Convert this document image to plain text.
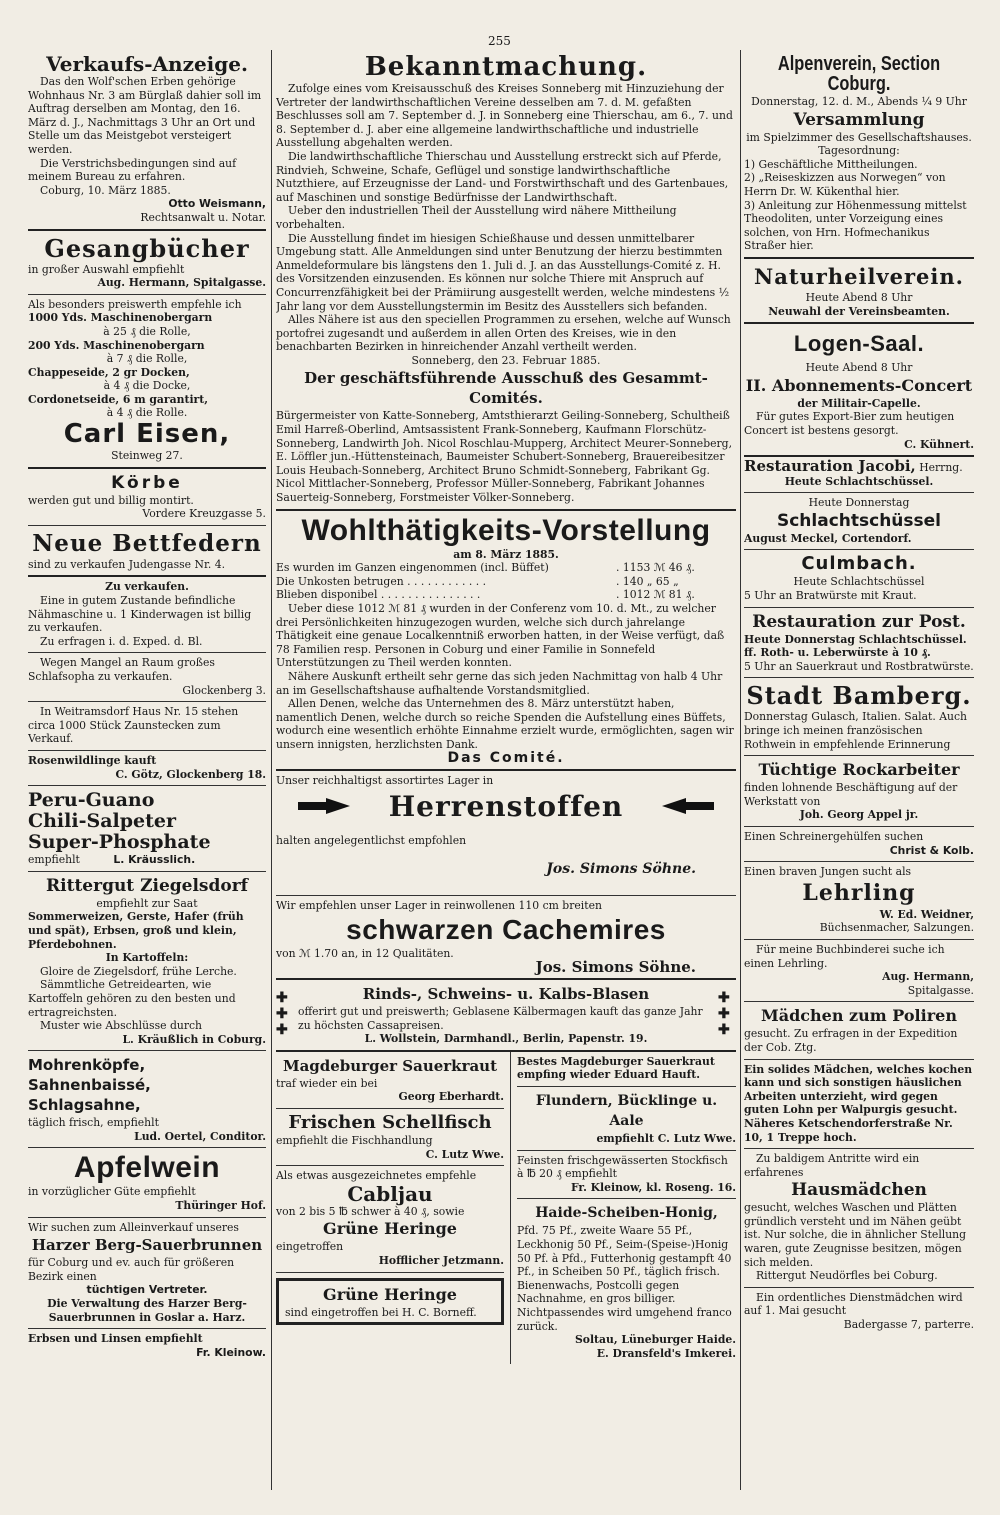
255
Verkaufs-Anzeige.

Das den Wolf'schen Erben gehörige Wohnhaus Nr. 3 am Bürglaß dahier soll im Auftrag derselben am Montag, den 16. März d. J., Nachmittags 3 Uhr an Ort und Stelle um das Meistgebot versteigert werden.

Die Verstrichsbedingungen sind auf meinem Bureau zu erfahren.

Coburg, 10. März 1885.

Otto Weismann,

Rechtsanwalt u. Notar.

Gesangbücher

in großer Auswahl empfiehlt

Aug. Hermann, Spitalgasse.

Als besonders preiswerth empfehle ich

1000 Yds. Maschinenobergarn

à 25 ₰ die Rolle,

200 Yds. Maschinenobergarn

à 7 ₰ die Rolle,

Chappeseide, 2 gr Docken,

à 4 ₰ die Docke,

Cordonetseide, 6 m garantirt,

à 4 ₰ die Rolle.

Carl Eisen,

Steinweg 27.

Körbe

werden gut und billig montirt.

Vordere Kreuzgasse 5.

Neue Bettfedern

sind zu verkaufen Judengasse Nr. 4.

Zu verkaufen.

Eine in gutem Zustande befindliche Nähmaschine u. 1 Kinderwagen ist billig zu verkaufen.

Zu erfragen i. d. Exped. d. Bl.

Wegen Mangel an Raum großes Schlafsopha zu verkaufen.

Glockenberg 3.

In Weitramsdorf Haus Nr. 15 stehen circa 1000 Stück Zaunstecken zum Verkauf.

Rosenwildlinge kauft

C. Götz, Glockenberg 18.

Peru-Guano
Chili-Salpeter
Super-Phosphate

empfiehlt	L. Kräusslich.

Rittergut Ziegelsdorf

empfiehlt zur Saat

Sommerweizen, Gerste, Hafer (früh und spät), Erbsen, groß und klein, Pferdebohnen.

In Kartoffeln:

Gloire de Ziegelsdorf, frühe Lerche.

Sämmtliche Getreidearten, wie Kartoffeln gehören zu den besten und ertragreichsten.

Muster wie Abschlüsse durch

L. Kräußlich in Coburg.

Mohrenköpfe, Sahnenbaissé, Schlagsahne,

täglich frisch, empfiehlt

Lud. Oertel, Conditor.

Apfelwein

in vorzüglicher Güte empfiehlt

Thüringer Hof.

Wir suchen zum Alleinverkauf unseres

Harzer Berg-Sauerbrunnen

für Coburg und ev. auch für größeren Bezirk einen

tüchtigen Vertreter.

Die Verwaltung des Harzer Berg-Sauerbrunnen in Goslar a. Harz.

Erbsen und Linsen empfiehlt

Fr. Kleinow.

Bekanntmachung.

Zufolge eines vom Kreisausschuß des Kreises Sonneberg mit Hinzuziehung der Vertreter der landwirthschaftlichen Vereine desselben am 7. d. M. gefaßten Beschlusses soll am 7. September d. J. in Sonneberg eine Thierschau, am 6., 7. und 8. September d. J. aber eine allgemeine landwirthschaftliche und industrielle Ausstellung abgehalten werden.

Die landwirthschaftliche Thierschau und Ausstellung erstreckt sich auf Pferde, Rindvieh, Schweine, Schafe, Geflügel und sonstige landwirthschaftliche Nutzthiere, auf Erzeugnisse der Land- und Forstwirthschaft und des Gartenbaues, auf Maschinen und sonstige Bedürfnisse der Landwirthschaft.

Ueber den industriellen Theil der Ausstellung wird nähere Mittheilung vorbehalten.

Die Ausstellung findet im hiesigen Schießhause und dessen unmittelbarer Umgebung statt. Alle Anmeldungen sind unter Benutzung der hierzu bestimmten Anmeldeformulare bis längstens den 1. Juli d. J. an das Ausstellungs-Comité z. H. des Vorsitzenden einzusenden. Es können nur solche Thiere mit Anspruch auf Concurrenzfähigkeit bei der Prämiirung ausgestellt werden, welche mindestens ½ Jahr lang vor dem Ausstellungstermin im Besitz des Ausstellers sich befanden.

Alles Nähere ist aus den speciellen Programmen zu ersehen, welche auf Wunsch portofrei zugesandt und außerdem in allen Orten des Kreises, wie in den benachbarten Bezirken in hinreichender Anzahl vertheilt werden.

Sonneberg, den 23. Februar 1885.

Der geschäftsführende Ausschuß des Gesammt-Comités.

Bürgermeister von Katte-Sonneberg, Amtsthierarzt Geiling-Sonneberg, Schultheiß Emil Harreß-Oberlind, Amtsassistent Frank-Sonneberg, Kaufmann Florschütz-Sonneberg, Landwirth Joh. Nicol Roschlau-Mupperg, Architect Meurer-Sonneberg, E. Löffler jun.-Hüttensteinach, Baumeister Schubert-Sonneberg, Brauereibesitzer Louis Heubach-Sonneberg, Architect Bruno Schmidt-Sonneberg, Fabrikant Gg. Nicol Mittlacher-Sonneberg, Professor Müller-Sonneberg, Fabrikant Johannes Sauerteig-Sonneberg, Forstmeister Völker-Sonneberg.

Wohlthätigkeits-Vorstellung

am 8. März 1885.

Es wurden im Ganzen eingenommen (incl. Büffet)	. 1153 ℳ 46 ₰.
Die Unkosten betrugen . . . . . . . . . . . .	. 140 „ 65 „
Blieben disponibel . . . . . . . . . . . . . . .	. 1012 ℳ 81 ₰.

Ueber diese 1012 ℳ 81 ₰ wurden in der Conferenz vom 10. d. Mt., zu welcher drei Persönlichkeiten hinzugezogen wurden, welche sich durch jahrelange Thätigkeit eine genaue Localkenntniß erworben hatten, in der Weise verfügt, daß 78 Familien resp. Personen in Coburg und einer Familie in Sonnefeld Unterstützungen zu Theil werden konnten.

Nähere Auskunft ertheilt sehr gerne das sich jeden Nachmittag von halb 4 Uhr an im Gesellschaftshause aufhaltende Vorstandsmitglied.

Allen Denen, welche das Unternehmen des 8. März unterstützt haben, namentlich Denen, welche durch so reiche Spenden die Aufstellung eines Büffets, wodurch eine wesentlich erhöhte Einnahme erzielt wurde, ermöglichten, sagen wir unsern innigsten, herzlichsten Dank.

Das Comité.

Unser reichhaltigst assortirtes Lager in

Herrenstoffen

halten angelegentlichst empfohlen

Jos. Simons Söhne.

Wir empfehlen unser Lager in reinwollenen 110 cm breiten

schwarzen Cachemires

von ℳ 1.70 an, in 12 Qualitäten.

Jos. Simons Söhne.

✚
✚
✚
Rinds-, Schweins- u. Kalbs-Blasen

offerirt gut und preiswerth; Geblasene Kälbermagen kauft das ganze Jahr zu höchsten Cassapreisen.

L. Wollstein, Darmhandl., Berlin, Papenstr. 19.

✚
✚
✚
Magdeburger Sauerkraut

traf wieder ein bei

Georg Eberhardt.

Frischen Schellfisch

empfiehlt die Fischhandlung

C. Lutz Wwe.

Als etwas ausgezeichnetes empfehle

Cabljau

von 2 bis 5 ℔ schwer à 40 ₰, sowie

Grüne Heringe

eingetroffen

Hofflicher Jetzmann.

Grüne Heringe

sind eingetroffen bei H. C. Borneff.

Bestes Magdeburger Sauerkraut empfing wieder Eduard Hauft.

Flundern, Bücklinge u. Aale

empfiehlt C. Lutz Wwe.

Feinsten frischgewässerten Stockfisch

à ℔ 20 ₰ empfiehlt

Fr. Kleinow, kl. Roseng. 16.

Haide-Scheiben-Honig,

Pfd. 75 Pf., zweite Waare 55 Pf., Leckhonig 50 Pf., Seim-(Speise-)Honig 50 Pf. à Pfd., Futterhonig gestampft 40 Pf., in Scheiben 50 Pf., täglich frisch. Bienenwachs, Postcolli gegen Nachnahme, en gros billiger. Nichtpassendes wird umgehend franco zurück.

Soltau, Lüneburger Haide.

E. Dransfeld's Imkerei.

Alpenverein, Section Coburg.

Donnerstag, 12. d. M., Abends ¼ 9 Uhr

Versammlung

im Spielzimmer des Gesellschaftshauses.

Tagesordnung:

1) Geschäftliche Mittheilungen.

2) „Reiseskizzen aus Norwegen“ von Herrn Dr. W. Kükenthal hier.

3) Anleitung zur Höhenmessung mittelst Theodoliten, unter Vorzeigung eines solchen, von Hrn. Hofmechanikus Straßer hier.

Naturheilverein.

Heute Abend 8 Uhr

Neuwahl der Vereinsbeamten.

Logen-Saal.

Heute Abend 8 Uhr

II. Abonnements-Concert

der Militair-Capelle.

Für gutes Export-Bier zum heutigen Concert ist bestens gesorgt.

C. Kühnert.

Restauration Jacobi, Herrng.

Heute Schlachtschüssel.

Heute Donnerstag

Schlachtschüssel

August Meckel, Cortendorf.

Culmbach.

Heute Schlachtschüssel

5 Uhr an Bratwürste mit Kraut.

Restauration zur Post.

Heute Donnerstag Schlachtschüssel.

ff. Roth- u. Leberwürste à 10 ₰.

5 Uhr an Sauerkraut und Rostbratwürste.

Stadt Bamberg.

Donnerstag Gulasch, Italien. Salat. Auch bringe ich meinen französischen Rothwein in empfehlende Erinnerung

Tüchtige Rockarbeiter

finden lohnende Beschäftigung auf der Werkstatt von

Joh. Georg Appel jr.

Einen Schreinergehülfen suchen

Christ & Kolb.

Einen braven Jungen sucht als

Lehrling

W. Ed. Weidner,

Büchsenmacher, Salzungen.

Für meine Buchbinderei suche ich einen Lehrling.

Aug. Hermann,

Spitalgasse.

Mädchen zum Poliren

gesucht. Zu erfragen in der Expedition der Cob. Ztg.

Ein solides Mädchen, welches kochen kann und sich sonstigen häuslichen Arbeiten unterzieht, wird gegen guten Lohn per Walpurgis gesucht. Näheres Ketschendorferstraße Nr. 10, 1 Treppe hoch.

Zu baldigem Antritte wird ein erfahrenes

Hausmädchen

gesucht, welches Waschen und Plätten gründlich versteht und im Nähen geübt ist. Nur solche, die in ähnlicher Stellung waren, gute Zeugnisse besitzen, mögen sich melden.

Rittergut Neudörfles bei Coburg.

Ein ordentliches Dienstmädchen wird auf 1. Mai gesucht

Badergasse 7, parterre.
